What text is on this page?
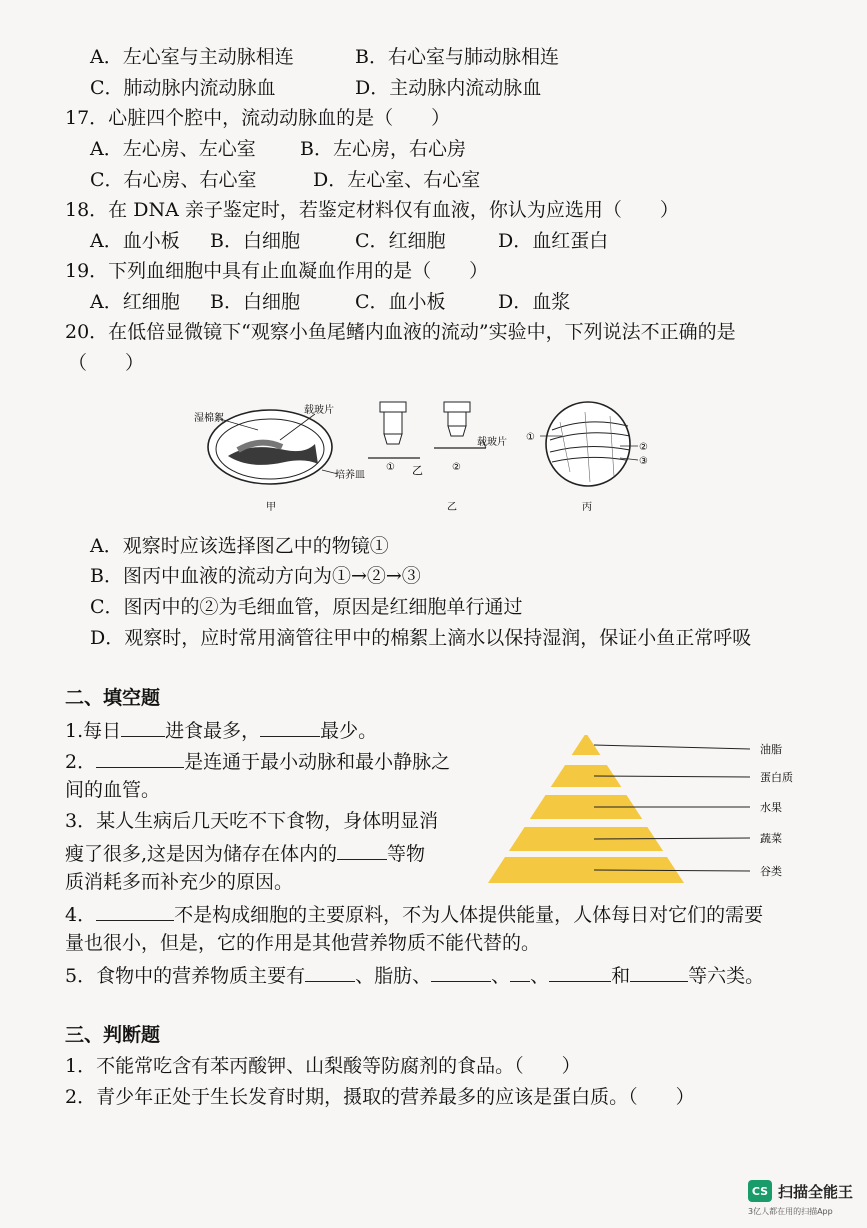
A．左心室与主动脉相连	B．右心室与肺动脉相连
C．肺动脉内流动脉血	D．主动脉内流动脉血
17．心脏四个腔中，流动动脉血的是（　　）
A．左心房、左心室 B．左心房，右心房
C．右心房、右心室	D．左心室、右心室
18．在 DNA 亲子鉴定时，若鉴定材料仅有血液，你认为应选用（　　）
A．血小板 B．白细胞	C．红细胞	D．血红蛋白
19．下列血细胞中具有止血凝血作用的是（　　）
A．红细胞 B．白细胞	C．血小板	D．血浆
20．在低倍显微镜下“观察小鱼尾鳍内血液的流动”实验中，下列说法不正确的是
（　　）
湿棉絮
载玻片
培养皿
甲
① 乙	②
载玻片
乙
①
②
③
丙
A．观察时应该选择图乙中的物镜①
B．图丙中血液的流动方向为①→②→③
C．图丙中的②为毛细血管，原因是红细胞单行通过
D．观察时，应时常用滴管往甲中的棉絮上滴水以保持湿润，保证小鱼正常呼吸
二、填空题
1.每日 进食最多，	最少。
2．	是连通于最小动脉和最小静脉之
间的血管。
3．某人生病后几天吃不下食物，身体明显消
瘦了很多,这是因为储存在体内的	等物
质消耗多而补充少的原因。
油脂
蛋白质
水果
蔬菜
谷类
4．	不是构成细胞的主要原料，不为人体提供能量，人体每日对它们的需要
量也很小，但是，它的作用是其他营养物质不能代替的。
5．食物中的营养物质主要有	、脂肪、	、 、	和	等六类。
三、判断题
1．不能常吃含有苯丙酸钾、山梨酸等防腐剂的食品。（　　）
2．青少年正处于生长发育时期，摄取的营养最多的应该是蛋白质。（　　）
CS 扫描全能王
3亿人都在用的扫描App
